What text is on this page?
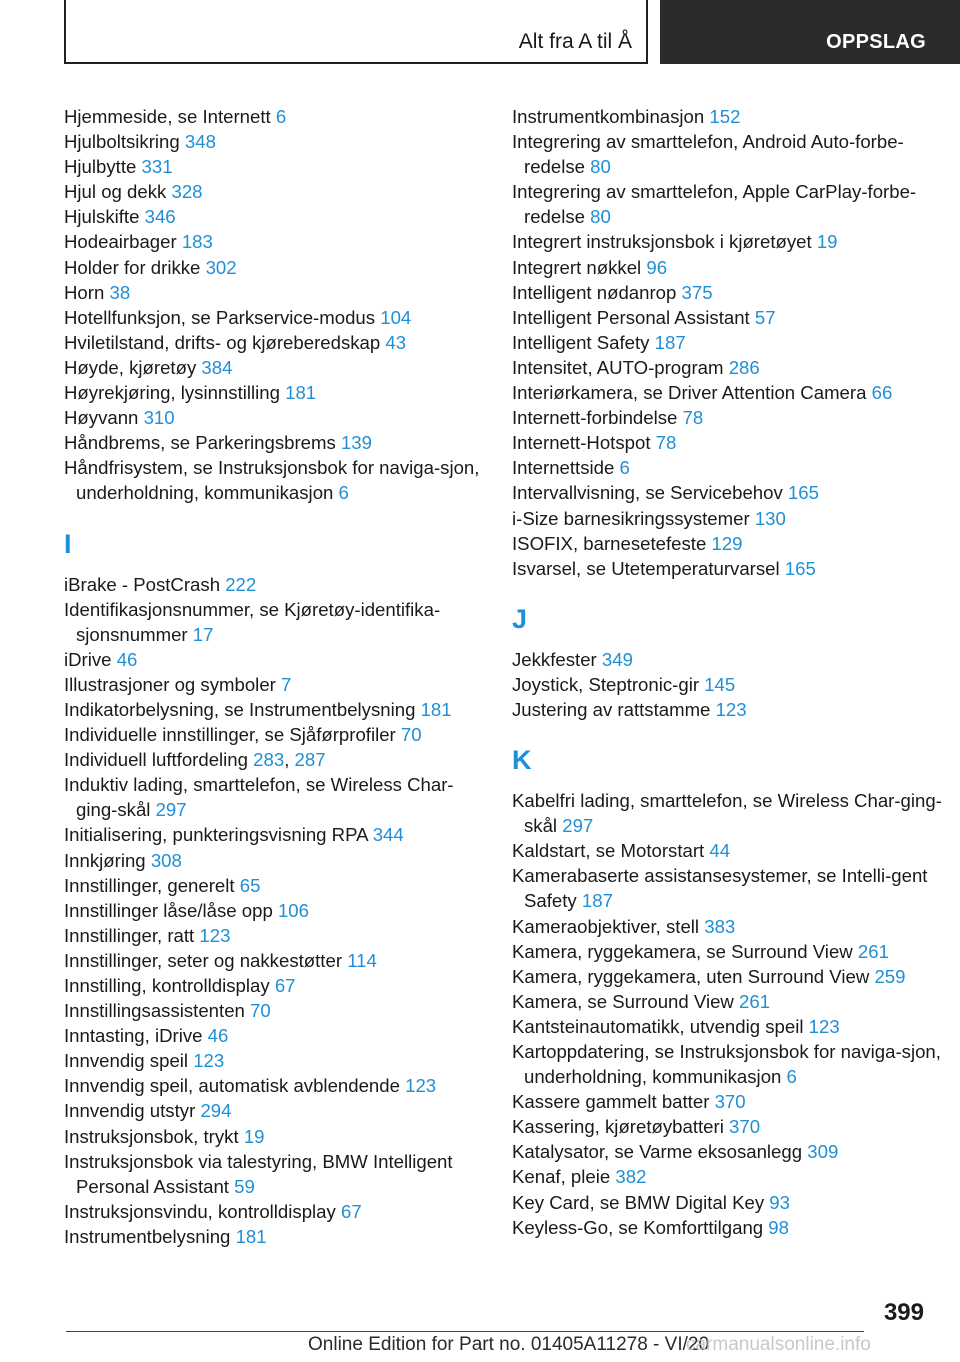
Alt fra A til Å	OPPSLAG
Hjemmeside, se Internett 6
Hjulboltsikring 348
Hjulbytte 331
Hjul og dekk 328
Hjulskifte 346
Hodeairbager 183
Holder for drikke 302
Horn 38
Hotellfunksjon, se Parkservice-modus 104
Hviletilstand, drifts- og kjøreberedskap 43
Høyde, kjøretøy 384
Høyrekjøring, lysinnstilling 181
Høyvann 310
Håndbrems, se Parkeringsbrems 139
Håndfrisystem, se Instruksjonsbok for naviga-sjon, underholdning, kommunikasjon 6
I
iBrake - PostCrash 222
Identifikasjonsnummer, se Kjøretøy-identifika-sjonsnummer 17
iDrive 46
Illustrasjoner og symboler 7
Indikatorbelysning, se Instrumentbelysning 181
Individuelle innstillinger, se Sjåførprofiler 70
Individuell luftfordeling 283, 287
Induktiv lading, smarttelefon, se Wireless Char-ging-skål 297
Initialisering, punkteringsvisning RPA 344
Innkjøring 308
Innstillinger, generelt 65
Innstillinger låse/låse opp 106
Innstillinger, ratt 123
Innstillinger, seter og nakkestøtter 114
Innstilling, kontrolldisplay 67
Innstillingsassistenten 70
Inntasting, iDrive 46
Innvendig speil 123
Innvendig speil, automatisk avblendende 123
Innvendig utstyr 294
Instruksjonsbok, trykt 19
Instruksjonsbok via talestyring, BMW Intelligent Personal Assistant 59
Instruksjonsvindu, kontrolldisplay 67
Instrumentbelysning 181
Instrumentkombinasjon 152
Integrering av smarttelefon, Android Auto-forbe-redelse 80
Integrering av smarttelefon, Apple CarPlay-forbe-redelse 80
Integrert instruksjonsbok i kjøretøyet 19
Integrert nøkkel 96
Intelligent nødanrop 375
Intelligent Personal Assistant 57
Intelligent Safety 187
Intensitet, AUTO-program 286
Interiørkamera, se Driver Attention Camera 66
Internett-forbindelse 78
Internett-Hotspot 78
Internettside 6
Intervallvisning, se Servicebehov 165
i-Size barnesikringssystemer 130
ISOFIX, barnesetefeste 129
Isvarsel, se Utetemperaturvarsel 165
J
Jekkfester 349
Joystick, Steptronic-gir 145
Justering av rattstamme 123
K
Kabelfri lading, smarttelefon, se Wireless Char-ging-skål 297
Kaldstart, se Motorstart 44
Kamerabaserte assistansesystemer, se Intelli-gent Safety 187
Kameraobjektiver, stell 383
Kamera, ryggekamera, se Surround View 261
Kamera, ryggekamera, uten Surround View 259
Kamera, se Surround View 261
Kantsteinautomatikk, utvendig speil 123
Kartoppdatering, se Instruksjonsbok for naviga-sjon, underholdning, kommunikasjon 6
Kassere gammelt batter 370
Kassering, kjøretøybatteri 370
Katalysator, se Varme eksosanlegg 309
Kenaf, pleie 382
Key Card, se BMW Digital Key 93
Keyless-Go, se Komforttilgang 98
399
Online Edition for Part no. 01405A11278 - VI/20
carmanualsonline.info
